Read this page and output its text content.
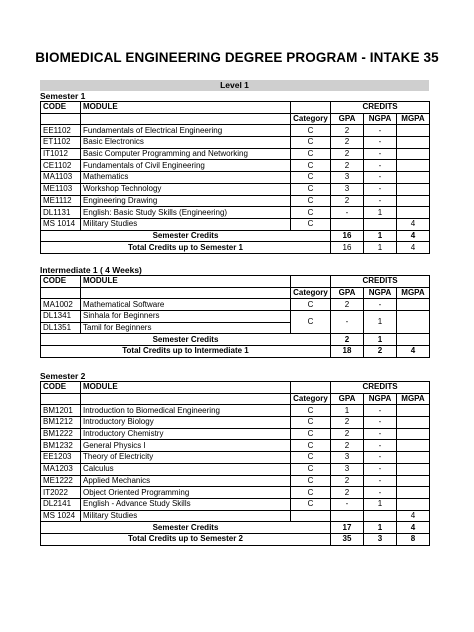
BIOMEDICAL ENGINEERING DEGREE PROGRAM - INTAKE 35
Level 1
Semester 1
CODE	MODULE		CREDITS		
		Category	GPA	NGPA	MGPA
EE1102	Fundamentals of Electrical Engineering	C	2	-	
ET1102	Basic Electronics	C	2	-	
IT1012	Basic Computer Programming and Networking	C	2	-	
CE1102	Fundamentals of Civil Engineering	C	2	-	
MA1103	Mathematics	C	3	-	
ME1103	Workshop Technology	C	3	-	
ME1112	Engineering Drawing	C	2	-	
DL1131	English: Basic Study Skills (Engineering)	C	-	1	
MS 1014	Military Studies	C			4
Semester Credits			16	1	4
Total Credits up to Semester 1			16	1	4
Intermediate 1 ( 4 Weeks)
CODE	MODULE		CREDITS		
		Category	GPA	NGPA	MGPA
MA1002	Mathematical Software	C	2	-	
DL1341	Sinhala for Beginners	C	-	1	
DL1351	Tamil for Beginners				
Semester Credits			2	1	
Total Credits up to Intermediate 1			18	2	4
Semester 2
CODE	MODULE		CREDITS		
		Category	GPA	NGPA	MGPA
BM1201	Introduction to Biomedical Engineering	C	1	-	
BM1212	Introductory Biology	C	2	-	
BM1222	Introductory Chemistry	C	2	-	
BM1232	General Physics I	C	2	-	
EE1203	Theory of Electricity	C	3	-	
MA1203	Calculus	C	3	-	
ME1222	Applied Mechanics	C	2	-	
IT2022	Object Oriented Programming	C	2	-	
DL2141	English - Advance Study Skills	C	-	1	
MS 1024	Military Studies				4
Semester Credits			17	1	4
Total Credits up to Semester 2			35	3	8
